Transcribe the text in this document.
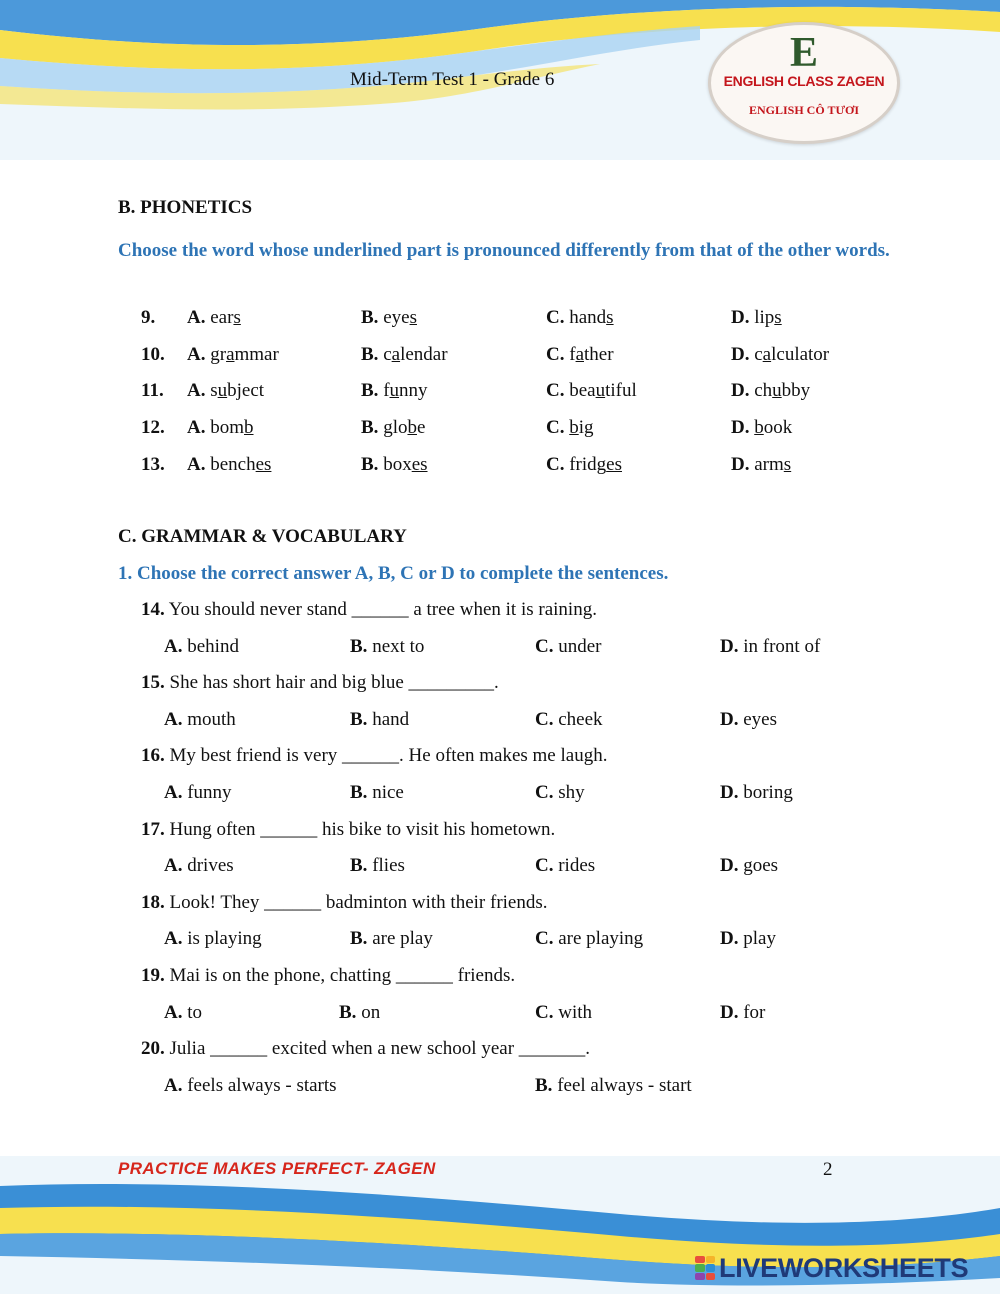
Mid-Term Test 1 - Grade 6
E
ENGLISH CLASS ZAGEN
ENGLISH CÔ TƯƠI
B. PHONETICS
Choose the word whose underlined part is pronounced differently from that of the other words.
9. A. ears	B. eyes	C. hands	D. lips
10. A. grammar	B. calendar	C. father	D. calculator
11. A. subject	B. funny	C. beautiful	D. chubby
12. A. bomb	B. globe	C. big	D. book
13. A. benches	B. boxes	C. fridges	D. arms
C. GRAMMAR & VOCABULARY
1. Choose the correct answer A, B, C or D to complete the sentences.
14. You should never stand ______ a tree when it is raining.
A. behind	B. next to	C. under	D. in front of
15. She has short hair and big blue _________.
A. mouth	B. hand	C. cheek	D. eyes
16. My best friend is very ______. He often makes me laugh.
A. funny	B. nice	C. shy	D. boring
17. Hung often ______ his bike to visit his hometown.
A. drives	B. flies	C. rides	D. goes
18. Look! They ______ badminton with their friends.
A. is playing	B. are play	C. are playing	D. play
19. Mai is on the phone, chatting ______ friends.
A. to	B. on	C. with	D. for
20. Julia ______ excited when a new school year _______.
A. feels always - starts	B. feel always - start
PRACTICE MAKES PERFECT- ZAGEN	2
LIVEWORKSHEETS
